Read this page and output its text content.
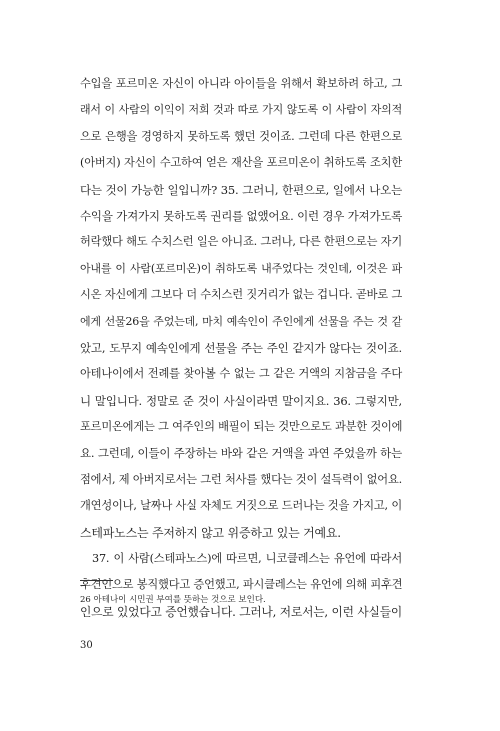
수입을 포르미온 자신이 아니라 아이들을 위해서 확보하려 하고, 그
래서 이 사람의 이익이 저희 것과 따로 가지 않도록 이 사람이 자의적
으로 은행을 경영하지 못하도록 했던 것이죠. 그런데 다른 한편으로
(아버지) 자신이 수고하여 얻은 재산을 포르미온이 취하도록 조치한
다는 것이 가능한 일입니까? 35. 그러니, 한편으로, 일에서 나오는
수익을 가져가지 못하도록 권리를 없앴어요. 이런 경우 가져가도록
허락했다 해도 수치스런 일은 아니죠. 그러나, 다른 한편으로는 자기
아내를 이 사람(포르미온)이 취하도록 내주었다는 것인데, 이것은 파
시온 자신에게 그보다 더 수치스런 짓거리가 없는 겁니다. 곧바로 그
에게 선물26을 주었는데, 마치 예속인이 주인에게 선물을 주는 것 같
았고, 도무지 예속인에게 선물을 주는 주인 같지가 않다는 것이죠.
아테나이에서 전례를 찾아볼 수 없는 그 같은 거액의 지참금을 주다
니 말입니다. 정말로 준 것이 사실이라면 말이지요. 36. 그렇지만,
포르미온에게는 그 여주인의 배필이 되는 것만으로도 과분한 것이에
요. 그런데, 이들이 주장하는 바와 같은 거액을 과연 주었을까 하는
점에서, 제 아버지로서는 그런 처사를 했다는 것이 설득력이 없어요.
개연성이나, 날짜나 사실 자체도 거짓으로 드러나는 것을 가지고, 이
스테파노스는 주저하지 않고 위증하고 있는 거예요.
37. 이 사람(스테파노스)에 따르면, 니코클레스는 유언에 따라서
후견인으로 봉직했다고 증언했고, 파시클레스는 유언에 의해 피후견
인으로 있었다고 증언했습니다. 그러나, 저로서는, 이런 사실들이
26 아테나이 시민권 부여를 뜻하는 것으로 보인다.
30
